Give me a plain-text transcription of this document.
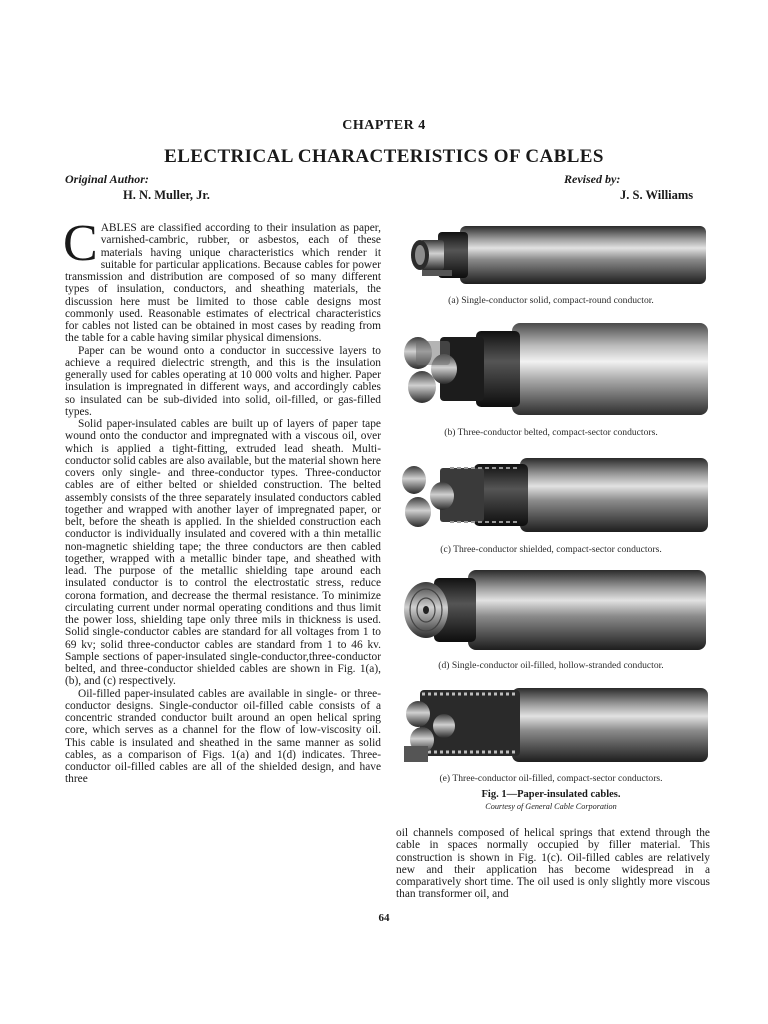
CHAPTER 4
ELECTRICAL CHARACTERISTICS OF CABLES
Original Author:
H. N. Muller, Jr.
Revised by:
J. S. Williams

CABLES are classified according to their insulation as paper, varnished-cambric, rubber, or asbestos, each of these materials having unique characteristics which render it suitable for particular applications. Because cables for power transmission and distribution are composed of so many different types of insulation, conductors, and sheathing materials, the discussion here must be limited to those cable designs most commonly used. Reasonable estimates of electrical characteristics for cables not listed can be obtained in most cases by reading from the table for a cable having similar physical dimensions.

Paper can be wound onto a conductor in successive layers to achieve a required dielectric strength, and this is the insulation generally used for cables operating at 10 000 volts and higher. Paper insulation is impregnated in different ways, and accordingly cables so insulated can be sub-divided into solid, oil-filled, or gas-filled types.

Solid paper-insulated cables are built up of layers of paper tape wound onto the conductor and impregnated with a viscous oil, over which is applied a tight-fitting, extruded lead sheath. Multi-conductor solid cables are also available, but the material shown here covers only single- and three-conductor types. Three-conductor cables are of either belted or shielded construction. The belted assembly consists of the three separately insulated conductors cabled together and wrapped with another layer of impregnated paper, or belt, before the sheath is applied. In the shielded construction each conductor is individually insulated and covered with a thin metallic non-magnetic shielding tape; the three conductors are then cabled together, wrapped with a metallic binder tape, and sheathed with lead. The purpose of the metallic shielding tape around each insulated conductor is to control the electrostatic stress, reduce corona formation, and decrease the thermal resistance. To minimize circulating current under normal operating conditions and thus limit the power loss, shielding tape only three mils in thickness is used. Solid single-conductor cables are standard for all voltages from 1 to 69 kv; solid three-conductor cables are standard from 1 to 46 kv. Sample sections of paper-insulated single-conductor,three-conductor belted, and three-conductor shielded cables are shown in Fig. 1(a), (b), and (c) respectively.

Oil-filled paper-insulated cables are available in single- or three-conductor designs. Single-conductor oil-filled cable consists of a concentric stranded conductor built around an open helical spring core, which serves as a channel for the flow of low-viscosity oil. This cable is insulated and sheathed in the same manner as solid cables, as a comparison of Figs. 1(a) and 1(d) indicates. Three-conductor oil-filled cables are all of the shielded design, and have three

oil channels composed of helical springs that extend through the cable in spaces normally occupied by filler material. This construction is shown in Fig. 1(c). Oil-filled cables are relatively new and their application has become widespread in a comparatively short time. The oil used is only slightly more viscous than transformer oil, and

(a) Single-conductor solid, compact-round conductor.
(b) Three-conductor belted, compact-sector conductors.
(c) Three-conductor shielded, compact-sector conductors.
(d) Single-conductor oil-filled, hollow-stranded conductor.
(e) Three-conductor oil-filled, compact-sector conductors.
Fig. 1—Paper-insulated cables.
Courtesy of General Cable Corporation
64
